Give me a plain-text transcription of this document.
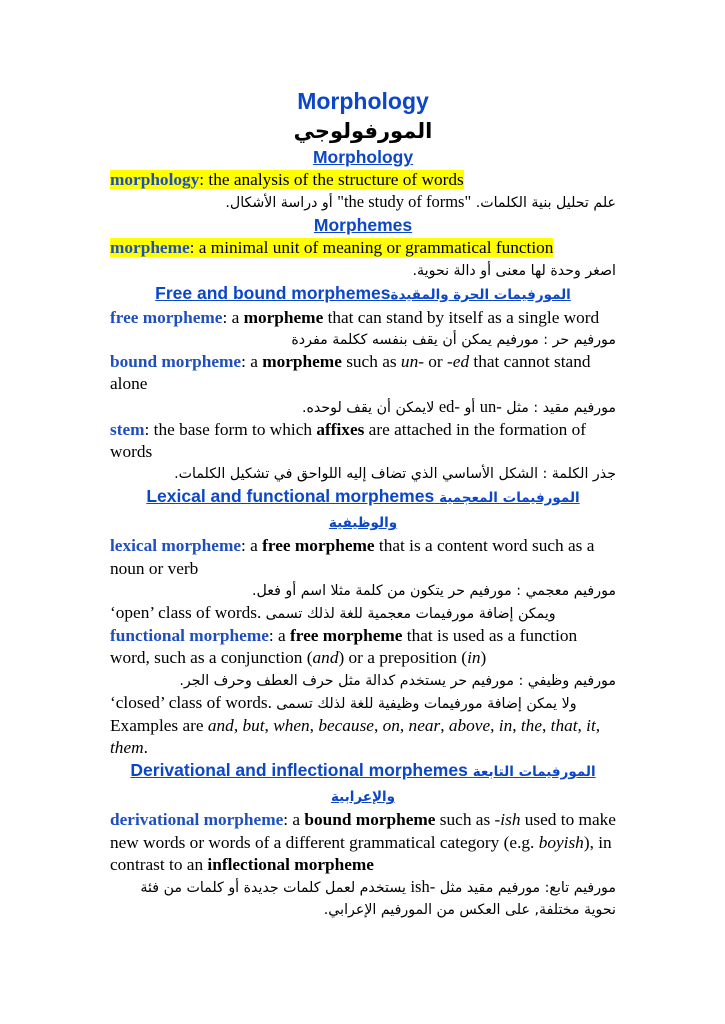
Morphology
المورفولوجي
Morphology

morphology: the analysis of the structure of words

علم تحليل بنية الكلمات. "the study of forms" أو دراسة الأشكال.

Morphemes

morpheme: a minimal unit of meaning or grammatical function

اصغر وحدة لها معنى أو دالة نحوية.

Free and bound morphemesالمورفيمات الحرة والمقيدة

free morpheme: a morpheme that can stand by itself as a single word

مورفيم حر : مورفيم يمكن أن يقف بنفسه ككلمة مفردة

bound morpheme: a morpheme such as un- or -ed that cannot stand alone

مورفيم مقيد : مثل un- أو ed- لايمكن أن يقف لوحده.

stem: the base form to which affixes are attached in the formation of words

جذر الكلمة : الشكل الأساسي الذي تضاف إليه اللواحق في تشكيل الكلمات.

Lexical and functional morphemes المورفيمات المعجمية والوظيفية

lexical morpheme: a free morpheme that is a content word such as a noun or verb

مورفيم معجمي : مورفيم حر يتكون من كلمة مثلا اسم أو فعل.

‘open’ class of words. ويمكن إضافة مورفيمات معجمية للغة لذلك تسمى

functional morpheme: a free morpheme that is used as a function word, such as a conjunction (and) or a preposition (in)

مورفيم وظيفي : مورفيم حر يستخدم كدالة مثل حرف العطف وحرف الجر.

‘closed’ class of words. ولا يمكن إضافة مورفيمات وظيفية للغة لذلك تسمى

Examples are and, but, when, because, on, near, above, in, the, that, it, them.

Derivational and inflectional morphemes المورفيمات التابعة والإعرابية

derivational morpheme: a bound morpheme such as -ish used to make new words or words of a different grammatical category (e.g. boyish), in contrast to an inflectional morpheme

مورفيم تابع: مورفيم مقيد مثل ish- يستخدم لعمل كلمات جديدة أو كلمات من فئة نحوية مختلفة, على العكس من المورفيم الإعرابي.
